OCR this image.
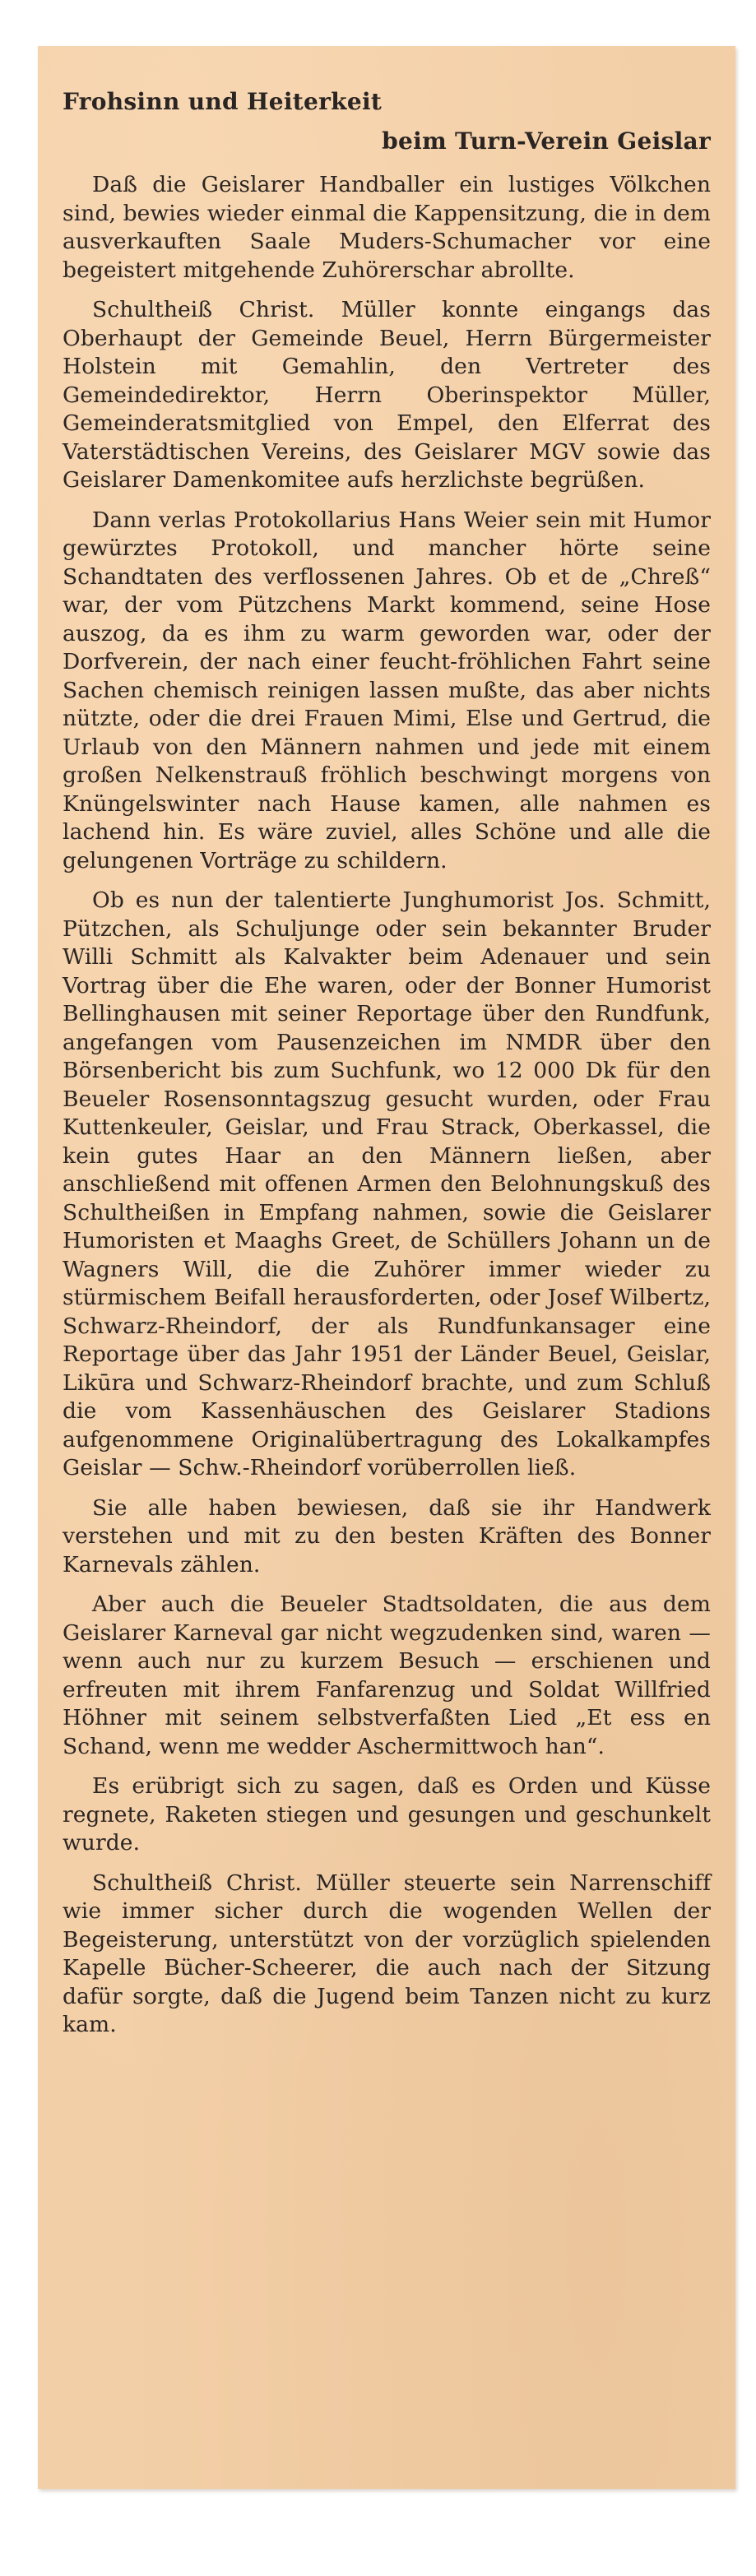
Frohsinn und Heiterkeit
beim Turn-Verein Geislar

Daß die Geislarer Handballer ein lustiges Völkchen sind, bewies wieder einmal die Kappensitzung, die in dem ausverkauften Saale Muders-Schumacher vor eine begeistert mitgehende Zuhörerschar abrollte.

Schultheiß Christ. Müller konnte eingangs das Oberhaupt der Gemeinde Beuel, Herrn Bürgermeister Holstein mit Gemahlin, den Vertreter des Gemeindedirektor, Herrn Oberinspektor Müller, Gemeinderatsmitglied von Empel, den Elferrat des Vaterstädtischen Vereins, des Geislarer MGV sowie das Geislarer Damenkomitee aufs herzlichste begrüßen.

Dann verlas Protokollarius Hans Weier sein mit Humor gewürztes Protokoll, und mancher hörte seine Schandtaten des verflossenen Jahres. Ob et de „Chreß“ war, der vom Pützchens Markt kommend, seine Hose auszog, da es ihm zu warm geworden war, oder der Dorfverein, der nach einer feucht-fröhlichen Fahrt seine Sachen chemisch reinigen lassen mußte, das aber nichts nützte, oder die drei Frauen Mimi, Else und Gertrud, die Urlaub von den Männern nahmen und jede mit einem großen Nelkenstrauß fröhlich beschwingt morgens von Knüngelswinter nach Hause kamen, alle nahmen es lachend hin. Es wäre zuviel, alles Schöne und alle die gelungenen Vorträge zu schildern.

Ob es nun der talentierte Junghumorist Jos. Schmitt, Pützchen, als Schuljunge oder sein bekannter Bruder Willi Schmitt als Kalvakter beim Adenauer und sein Vortrag über die Ehe waren, oder der Bonner Humorist Bellinghausen mit seiner Reportage über den Rundfunk, angefangen vom Pausenzeichen im NMDR über den Börsenbericht bis zum Suchfunk, wo 12 000 Dk für den Beueler Rosensonntagszug gesucht wurden, oder Frau Kuttenkeuler, Geislar, und Frau Strack, Oberkassel, die kein gutes Haar an den Männern ließen, aber anschließend mit offenen Armen den Belohnungskuß des Schultheißen in Empfang nahmen, sowie die Geislarer Humoristen et Maaghs Greet, de Schüllers Johann un de Wagners Will, die die Zuhörer immer wieder zu stürmischem Beifall herausforderten, oder Josef Wilbertz, Schwarz-Rheindorf, der als Rundfunkansager eine Reportage über das Jahr 1951 der Länder Beuel, Geislar, Likūra und Schwarz-Rheindorf brachte, und zum Schluß die vom Kassenhäuschen des Geislarer Stadions aufgenommene Originalübertragung des Lokalkampfes Geislar — Schw.-Rheindorf vorüberrollen ließ.

Sie alle haben bewiesen, daß sie ihr Handwerk verstehen und mit zu den besten Kräften des Bonner Karnevals zählen.

Aber auch die Beueler Stadtsoldaten, die aus dem Geislarer Karneval gar nicht wegzudenken sind, waren — wenn auch nur zu kurzem Besuch — erschienen und erfreuten mit ihrem Fanfarenzug und Soldat Willfried Höhner mit seinem selbstverfaßten Lied „Et ess en Schand, wenn me wedder Aschermittwoch han“.

Es erübrigt sich zu sagen, daß es Orden und Küsse regnete, Raketen stiegen und gesungen und geschunkelt wurde.

Schultheiß Christ. Müller steuerte sein Narrenschiff wie immer sicher durch die wogenden Wellen der Begeisterung, unterstützt von der vorzüglich spielenden Kapelle Bücher-Scheerer, die auch nach der Sitzung dafür sorgte, daß die Jugend beim Tanzen nicht zu kurz kam.
